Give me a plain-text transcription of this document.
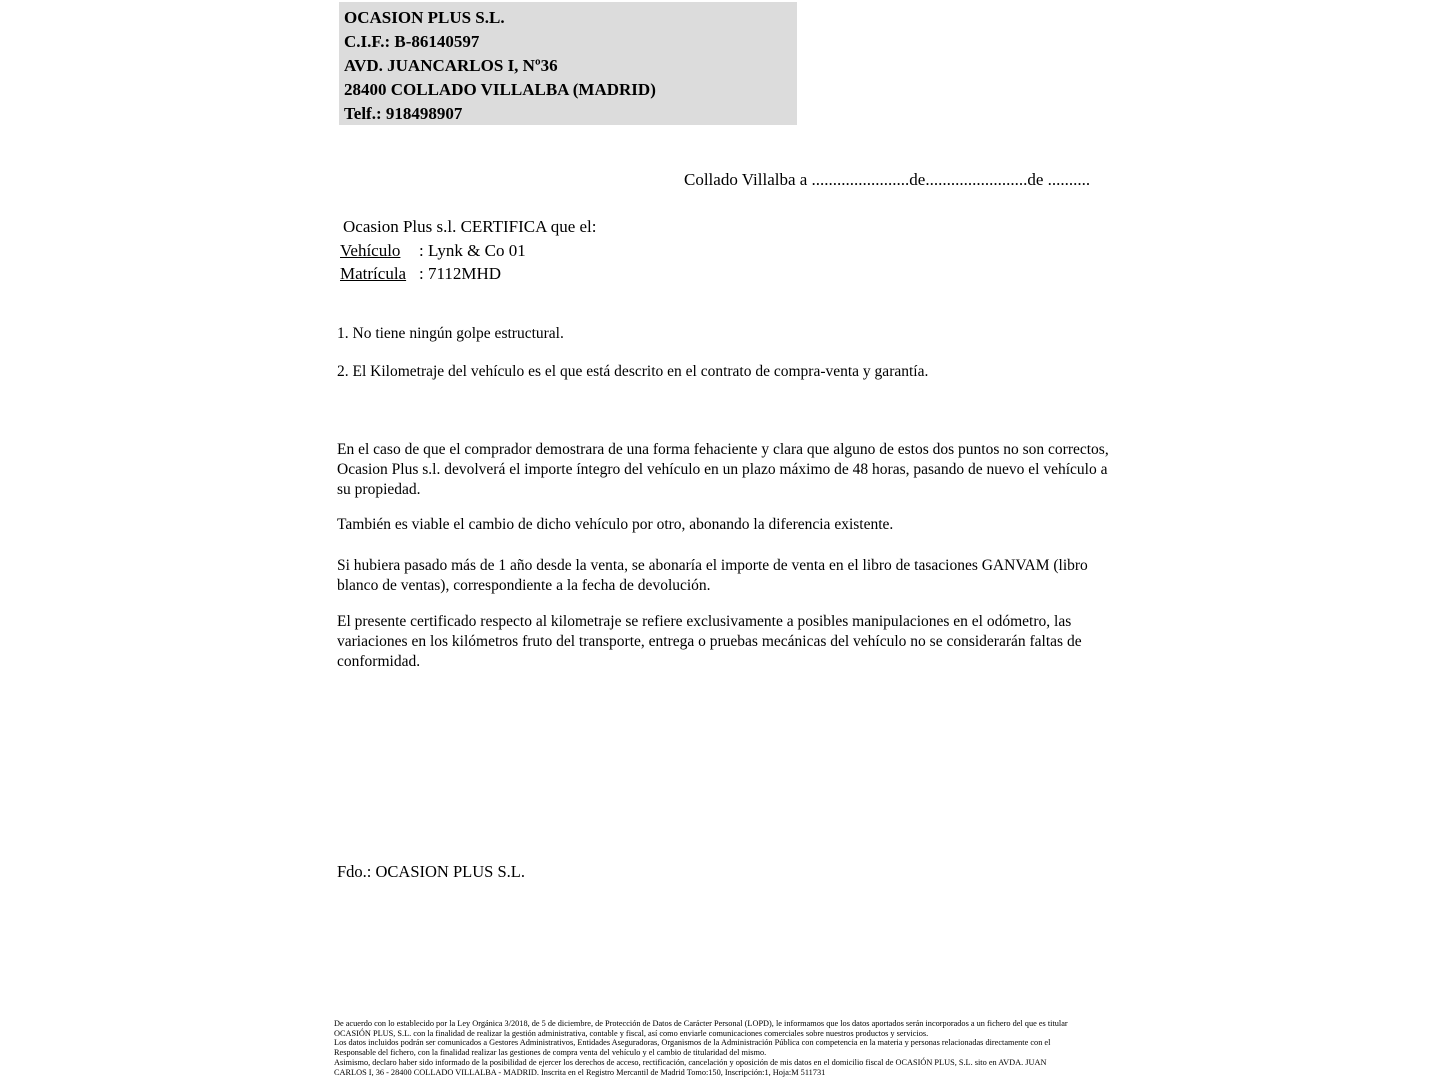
OCASION PLUS S.L.
C.I.F.: B-86140597
AVD. JUANCARLOS I, Nº36
28400 COLLADO VILLALBA (MADRID)
Telf.: 918498907
Collado Villalba a .......................de........................de ..........
Ocasion Plus s.l. CERTIFICA que el:
Vehículo : Lynk & Co 01
Matrícula : 7112MHD
1. No tiene ningún golpe estructural.
2. El Kilometraje del vehículo es el que está descrito en el contrato de compra-venta y garantía.
En el caso de que el comprador demostrara de una forma fehaciente y clara que alguno de estos dos puntos no son correctos, Ocasion Plus s.l. devolverá el importe íntegro del vehículo en un plazo máximo de 48 horas, pasando de nuevo el vehículo a su propiedad.
También es viable el cambio de dicho vehículo por otro, abonando la diferencia existente.
Si hubiera pasado más de 1 año desde la venta, se abonaría el importe de venta en el libro de tasaciones GANVAM (libro blanco de ventas), correspondiente a la fecha de devolución.
El presente certificado respecto al kilometraje se refiere exclusivamente a posibles manipulaciones en el odómetro, las variaciones en los kilómetros fruto del transporte, entrega o pruebas mecánicas del vehículo no se considerarán faltas de conformidad.
Fdo.: OCASION PLUS S.L.
De acuerdo con lo establecido por la Ley Orgánica 3/2018, de 5 de diciembre, de Protección de Datos de Carácter Personal (LOPD), le informamos que los datos aportados serán incorporados a un fichero del que es titular
OCASIÓN PLUS, S.L. con la finalidad de realizar la gestión administrativa, contable y fiscal, así como enviarle comunicaciones comerciales sobre nuestros productos y servicios.
Los datos incluidos podrán ser comunicados a Gestores Administrativos, Entidades Aseguradoras, Organismos de la Administración Pública con competencia en la materia y personas relacionadas directamente con el
Responsable del fichero, con la finalidad realizar las gestiones de compra venta del vehículo y el cambio de titularidad del mismo.
Asimismo, declaro haber sido informado de la posibilidad de ejercer los derechos de acceso, rectificación, cancelación y oposición de mis datos en el domicilio fiscal de OCASIÓN PLUS, S.L. sito en AVDA. JUAN
CARLOS I, 36 - 28400 COLLADO VILLALBA - MADRID. Inscrita en el Registro Mercantil de Madrid Tomo:150, Inscripción:1, Hoja:M 511731
